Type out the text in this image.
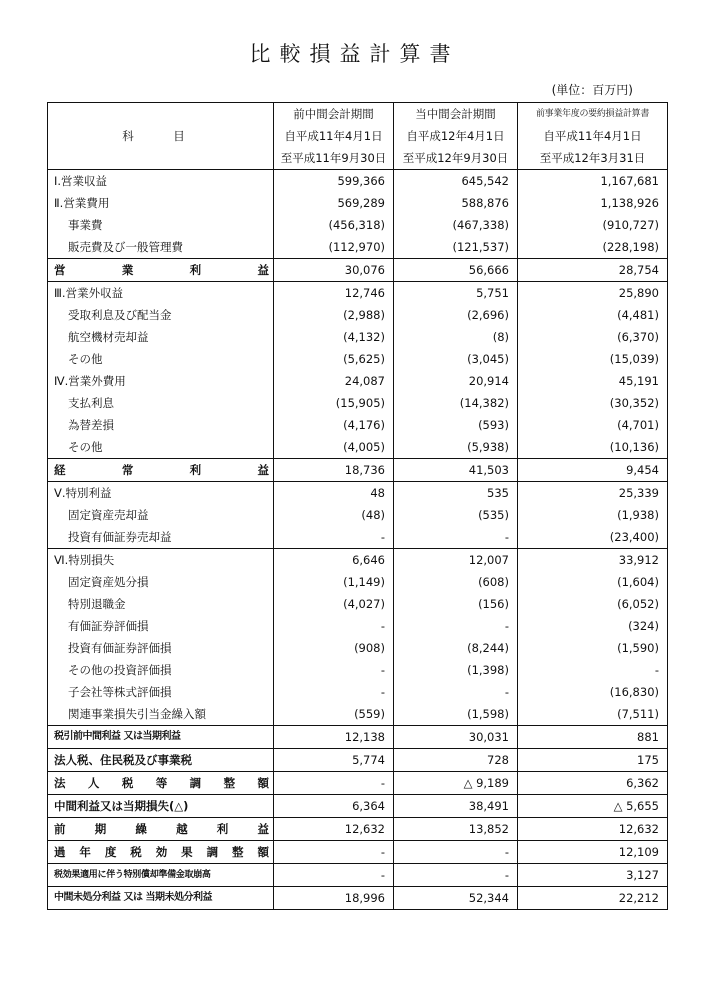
比較損益計算書
(単位：百万円)
科　目	前中間会計期間	当中間会計期間	前事業年度の要約損益計算書
	自平成11年4月1日	自平成12年4月1日	自平成11年4月1日
	至平成11年9月30日	至平成12年9月30日	至平成12年3月31日
Ⅰ.営業収益	599,366	645,542	1,167,681
Ⅱ.営業費用	569,289	588,876	1,138,926
事業費	(456,318)	(467,338)	(910,727)
販売費及び一般管理費	(112,970)	(121,537)	(228,198)
営業利益	30,076	56,666	28,754
Ⅲ.営業外収益	12,746	5,751	25,890
受取利息及び配当金	(2,988)	(2,696)	(4,481)
航空機材売却益	(4,132)	(8)	(6,370)
その他	(5,625)	(3,045)	(15,039)
Ⅳ.営業外費用	24,087	20,914	45,191
支払利息	(15,905)	(14,382)	(30,352)
為替差損	(4,176)	(593)	(4,701)
その他	(4,005)	(5,938)	(10,136)
経常利益	18,736	41,503	9,454
Ⅴ.特別利益	48	535	25,339
固定資産売却益	(48)	(535)	(1,938)
投資有価証券売却益	-	-	(23,400)
Ⅵ.特別損失	6,646	12,007	33,912
固定資産処分損	(1,149)	(608)	(1,604)
特別退職金	(4,027)	(156)	(6,052)
有価証券評価損	-	-	(324)
投資有価証券評価損	(908)	(8,244)	(1,590)
その他の投資評価損	-	(1,398)	-
子会社等株式評価損	-	-	(16,830)
関連事業損失引当金繰入額	(559)	(1,598)	(7,511)
税引前中間利益 又は当期利益	12,138	30,031	881
法人税、住民税及び事業税	5,774	728	175
法人税等調整額	-	△ 9,189	6,362
中間利益又は当期損失(△)	6,364	38,491	△ 5,655
前期繰越利益	12,632	13,852	12,632
過年度税効果調整額	-	-	12,109
税効果適用に伴う特別償却準備金取崩高	-	-	3,127
中間未処分利益 又は 当期未処分利益	18,996	52,344	22,212
